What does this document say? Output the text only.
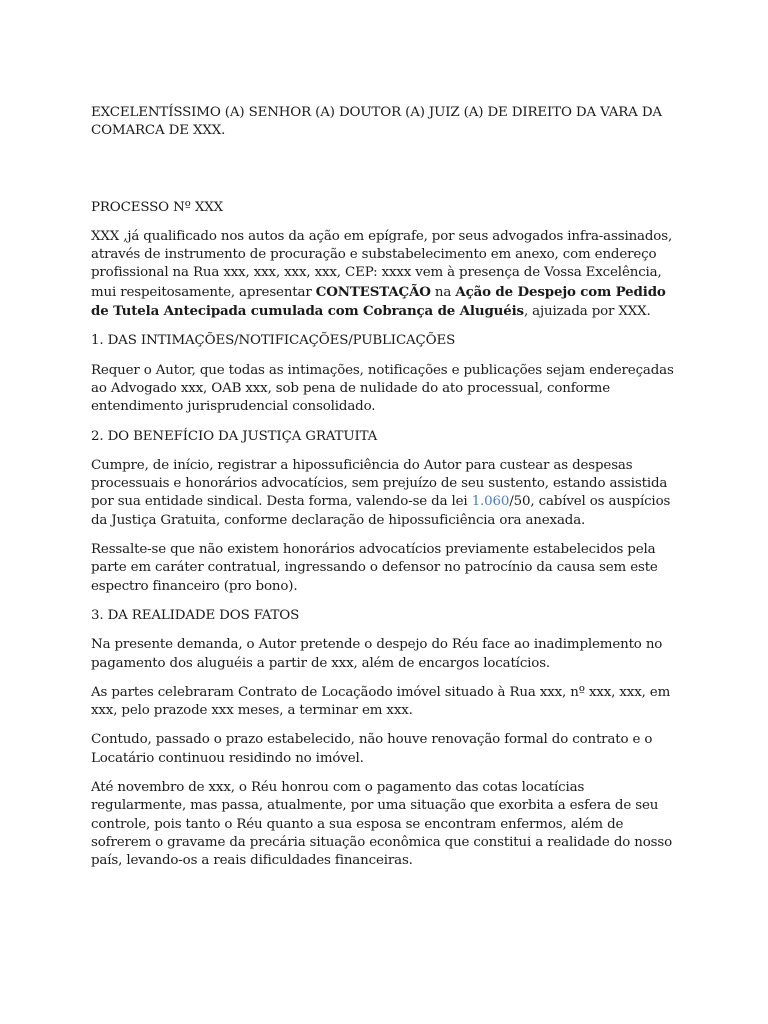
EXCELENTÍSSIMO (A) SENHOR (A) DOUTOR (A) JUIZ (A) DE DIREITO DA VARA DA COMARCA DE XXX.

PROCESSO Nº XXX

XXX ,já qualificado nos autos da ação em epígrafe, por seus advogados infra-assinados, através de instrumento de procuração e substabelecimento em anexo, com endereço profissional na Rua xxx, xxx, xxx, xxx, CEP: xxxx vem à presença de Vossa Excelência, mui respeitosamente, apresentar CONTESTAÇÃO na Ação de Despejo com Pedido de Tutela Antecipada cumulada com Cobrança de Aluguéis, ajuizada por XXX.

1. DAS INTIMAÇÕES/NOTIFICAÇÕES/PUBLICAÇÕES

Requer o Autor, que todas as intimações, notificações e publicações sejam endereçadas ao Advogado xxx, OAB xxx, sob pena de nulidade do ato processual, conforme entendimento jurisprudencial consolidado.

2. DO BENEFÍCIO DA JUSTIÇA GRATUITA

Cumpre, de início, registrar a hipossuficiência do Autor para custear as despesas processuais e honorários advocatícios, sem prejuízo de seu sustento, estando assistida por sua entidade sindical. Desta forma, valendo-se da lei 1.060/50, cabível os auspícios da Justiça Gratuita, conforme declaração de hipossuficiência ora anexada.

Ressalte-se que não existem honorários advocatícios previamente estabelecidos pela parte em caráter contratual, ingressando o defensor no patrocínio da causa sem este espectro financeiro (pro bono).

3. DA REALIDADE DOS FATOS

Na presente demanda, o Autor pretende o despejo do Réu face ao inadimplemento no pagamento dos aluguéis a partir de xxx, além de encargos locatícios.

As partes celebraram Contrato de Locaçãodo imóvel situado à Rua xxx, nº xxx, xxx, em xxx, pelo prazode xxx meses, a terminar em xxx.

Contudo, passado o prazo estabelecido, não houve renovação formal do contrato e o Locatário continuou residindo no imóvel.

Até novembro de xxx, o Réu honrou com o pagamento das cotas locatícias regularmente, mas passa, atualmente, por uma situação que exorbita a esfera de seu controle, pois tanto o Réu quanto a sua esposa se encontram enfermos, além de sofrerem o gravame da precária situação econômica que constitui a realidade do nosso país, levando-os a reais dificuldades financeiras.
